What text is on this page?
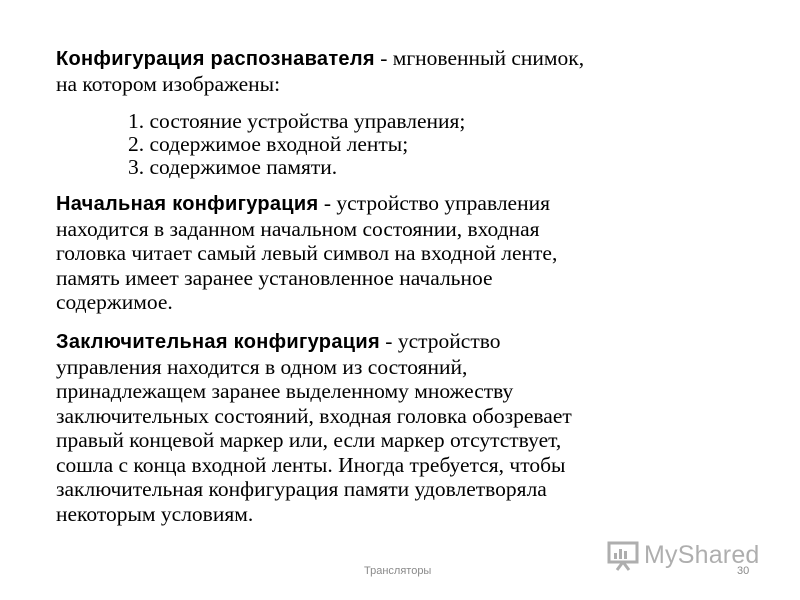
Конфигурация распознавателя - мгновенный снимок,
на котором изображены:
1. состояние устройства управления;
2. содержимое входной ленты;
3. содержимое памяти.
Начальная конфигурация - устройство управления
находится в заданном начальном состоянии, входная
головка читает самый левый символ на входной ленте,
память имеет заранее установленное начальное
содержимое.
Заключительная конфигурация - устройство
управления находится в одном из состояний,
принадлежащем заранее выделенному множеству
заключительных состояний, входная головка обозревает
правый концевой маркер или, если маркер отсутствует,
сошла с конца входной ленты. Иногда требуется, чтобы
заключительная конфигурация памяти удовлетворяла
некоторым условиям.
MyShared
Трансляторы	30
